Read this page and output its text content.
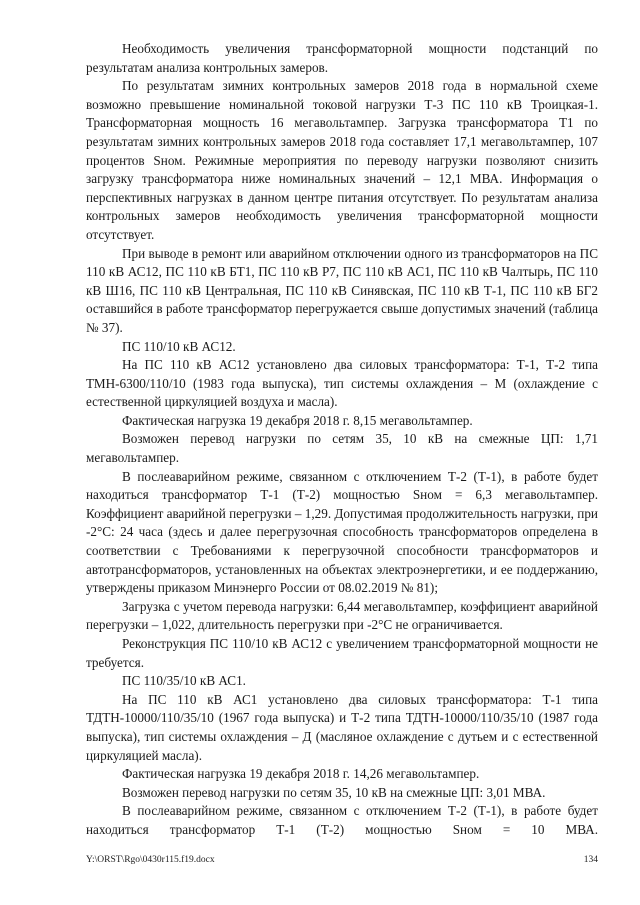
Необходимость увеличения трансформаторной мощности подстанций по результатам анализа контрольных замеров.

По результатам зимних контрольных замеров 2018 года в нормальной схеме возможно превышение номинальной токовой нагрузки Т-3 ПС 110 кВ Троицкая-1. Трансформаторная мощность 16 мегавольтампер. Загрузка трансформатора Т1 по результатам зимних контрольных замеров 2018 года составляет 17,1 мегавольтампер, 107 процентов Sном. Режимные мероприятия по переводу нагрузки позволяют снизить загрузку трансформатора ниже номинальных значений – 12,1 МВА. Информация о перспективных нагрузках в данном центре питания отсутствует. По результатам анализа контрольных замеров необходимость увеличения трансформаторной мощности отсутствует.

При выводе в ремонт или аварийном отключении одного из трансформаторов на ПС 110 кВ АС12, ПС 110 кВ БТ1, ПС 110 кВ Р7, ПС 110 кВ АС1, ПС 110 кВ Чалтырь, ПС 110 кВ Ш16, ПС 110 кВ Центральная, ПС 110 кВ Синявская, ПС 110 кВ Т-1, ПС 110 кВ БГ2 оставшийся в работе трансформатор перегружается свыше допустимых значений (таблица № 37).

ПС 110/10 кВ АС12.

На ПС 110 кВ АС12 установлено два силовых трансформатора: Т-1, Т-2 типа ТМН-6300/110/10 (1983 года выпуска), тип системы охлаждения – М (охлаждение с естественной циркуляцией воздуха и масла).

Фактическая нагрузка 19 декабря 2018 г. 8,15 мегавольтампер.

Возможен перевод нагрузки по сетям 35, 10 кВ на смежные ЦП: 1,71 мегавольтампер.

В послеаварийном режиме, связанном с отключением Т-2 (Т-1), в работе будет находиться трансформатор Т-1 (Т-2) мощностью Sном = 6,3 мегавольтампер. Коэффициент аварийной перегрузки – 1,29. Допустимая продолжительность нагрузки, при -2°С: 24 часа (здесь и далее перегрузочная способность трансформаторов определена в соответствии с Требованиями к перегрузочной способности трансформаторов и автотрансформаторов, установленных на объектах электроэнергетики, и ее поддержанию, утверждены приказом Минэнерго России от 08.02.2019 № 81);

Загрузка с учетом перевода нагрузки: 6,44 мегавольтампер, коэффициент аварийной перегрузки – 1,022, длительность перегрузки при -2°С не ограничивается.

Реконструкция ПС 110/10 кВ АС12 с увеличением трансформаторной мощности не требуется.

ПС 110/35/10 кВ АС1.

На ПС 110 кВ АС1 установлено два силовых трансформатора: Т-1 типа ТДТН-10000/110/35/10 (1967 года выпуска) и Т-2 типа ТДТН-10000/110/35/10 (1987 года выпуска), тип системы охлаждения – Д (масляное охлаждение с дутьем и с естественной циркуляцией масла).

Фактическая нагрузка 19 декабря 2018 г. 14,26 мегавольтампер.

Возможен перевод нагрузки по сетям 35, 10 кВ на смежные ЦП: 3,01 МВА.

В послеаварийном режиме, связанном с отключением Т-2 (Т-1), в работе будет находиться трансформатор Т-1 (Т-2) мощностью Sном = 10 МВА.

Y:\ORST\Rgo\0430r115.f19.docx	134
